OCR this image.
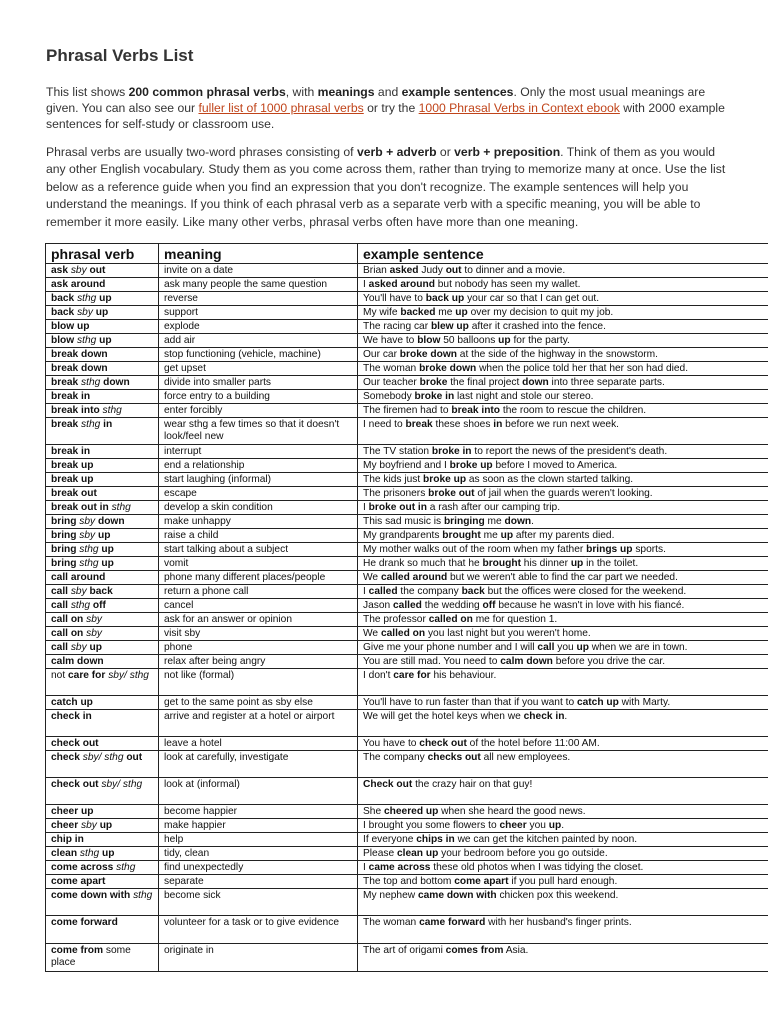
Phrasal Verbs List

This list shows 200 common phrasal verbs, with meanings and example sentences. Only the most usual meanings are given. You can also see our fuller list of 1000 phrasal verbs or try the 1000 Phrasal Verbs in Context ebook with 2000 example sentences for self-study or classroom use.

Phrasal verbs are usually two-word phrases consisting of verb + adverb or verb + preposition. Think of them as you would any other English vocabulary. Study them as you come across them, rather than trying to memorize many at once. Use the list below as a reference guide when you find an expression that you don't recognize. The example sentences will help you understand the meanings. If you think of each phrasal verb as a separate verb with a specific meaning, you will be able to remember it more easily. Like many other verbs, phrasal verbs often have more than one meaning.

phrasal verb	meaning	example sentence
ask sby out	invite on a date	Brian asked Judy out to dinner and a movie.
ask around	ask many people the same question	I asked around but nobody has seen my wallet.
back sthg up	reverse	You'll have to back up your car so that I can get out.
back sby up	support	My wife backed me up over my decision to quit my job.
blow up	explode	The racing car blew up after it crashed into the fence.
blow sthg up	add air	We have to blow 50 balloons up for the party.
break down	stop functioning (vehicle, machine)	Our car broke down at the side of the highway in the snowstorm.
break down	get upset	The woman broke down when the police told her that her son had died.
break sthg down	divide into smaller parts	Our teacher broke the final project down into three separate parts.
break in	force entry to a building	Somebody broke in last night and stole our stereo.
break into sthg	enter forcibly	The firemen had to break into the room to rescue the children.
break sthg in	wear sthg a few times so that it doesn't look/feel new	I need to break these shoes in before we run next week.
break in	interrupt	The TV station broke in to report the news of the president's death.
break up	end a relationship	My boyfriend and I broke up before I moved to America.
break up	start laughing (informal)	The kids just broke up as soon as the clown started talking.
break out	escape	The prisoners broke out of jail when the guards weren't looking.
break out in sthg	develop a skin condition	I broke out in a rash after our camping trip.
bring sby down	make unhappy	This sad music is bringing me down.
bring sby up	raise a child	My grandparents brought me up after my parents died.
bring sthg up	start talking about a subject	My mother walks out of the room when my father brings up sports.
bring sthg up	vomit	He drank so much that he brought his dinner up in the toilet.
call around	phone many different places/people	We called around but we weren't able to find the car part we needed.
call sby back	return a phone call	I called the company back but the offices were closed for the weekend.
call sthg off	cancel	Jason called the wedding off because he wasn't in love with his fiancé.
call on sby	ask for an answer or opinion	The professor called on me for question 1.
call on sby	visit sby	We called on you last night but you weren't home.
call sby up	phone	Give me your phone number and I will call you up when we are in town.
calm down	relax after being angry	You are still mad. You need to calm down before you drive the car.
not care for sby/ sthg	not like (formal)	I don't care for his behaviour.
catch up	get to the same point as sby else	You'll have to run faster than that if you want to catch up with Marty.
check in	arrive and register at a hotel or airport	We will get the hotel keys when we check in.
check out	leave a hotel	You have to check out of the hotel before 11:00 AM.
check sby/ sthg out	look at carefully, investigate	The company checks out all new employees.
check out sby/ sthg	look at (informal)	Check out the crazy hair on that guy!
cheer up	become happier	She cheered up when she heard the good news.
cheer sby up	make happier	I brought you some flowers to cheer you up.
chip in	help	If everyone chips in we can get the kitchen painted by noon.
clean sthg up	tidy, clean	Please clean up your bedroom before you go outside.
come across sthg	find unexpectedly	I came across these old photos when I was tidying the closet.
come apart	separate	The top and bottom come apart if you pull hard enough.
come down with sthg	become sick	My nephew came down with chicken pox this weekend.
come forward	volunteer for a task or to give evidence	The woman came forward with her husband's finger prints.
come from some place	originate in	The art of origami comes from Asia.
